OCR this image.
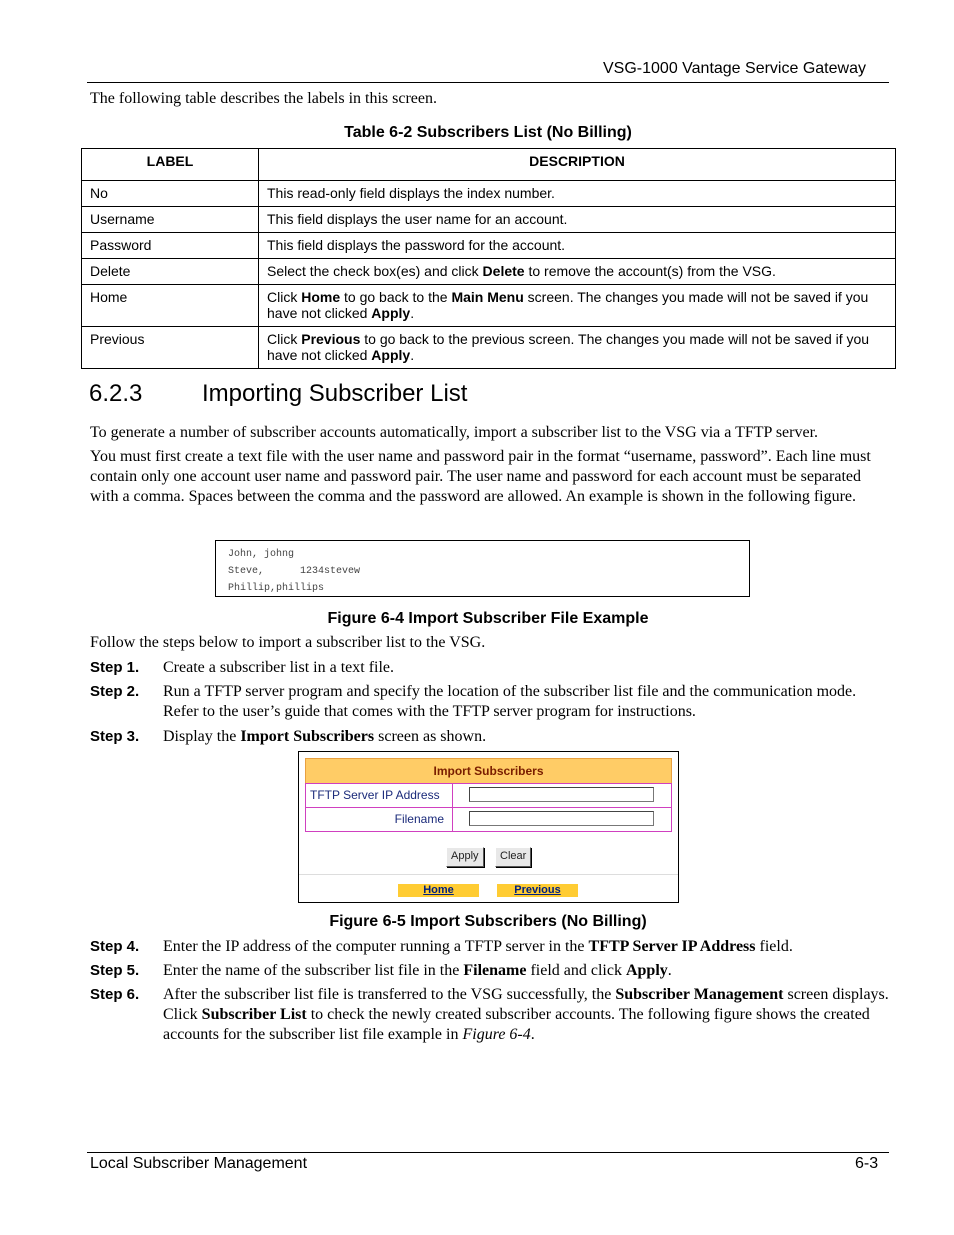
VSG-1000 Vantage Service Gateway
The following table describes the labels in this screen.
Table 6-2 Subscribers List (No Billing)
LABEL	DESCRIPTION
No	This read-only field displays the index number.
Username	This field displays the user name for an account.
Password	This field displays the password for the account.
Delete	Select the check box(es) and click Delete to remove the account(s) from the VSG.
Home	Click Home to go back to the Main Menu screen. The changes you made will not be saved if you have not clicked Apply.
Previous	Click Previous to go back to the previous screen. The changes you made will not be saved if you have not clicked Apply.
6.2.3 Importing Subscriber List

To generate a number of subscriber accounts automatically, import a subscriber list to the VSG via a TFTP server.

You must first create a text file with the user name and password pair in the format “username, password”. Each line must contain only one account user name and password pair. The user name and password for each account must be separated with a comma. Spaces between the comma and the password are allowed. An example is shown in the following figure.

John, johng
Steve,      1234stevew
Phillip,phillips
Figure 6-4 Import Subscriber File Example
Follow the steps below to import a subscriber list to the VSG.
Step 1. Create a subscriber list in a text file.
Step 2. Run a TFTP server program and specify the location of the subscriber list file and the communication mode. Refer to the user’s guide that comes with the TFTP server program for instructions.
Step 3. Display the Import Subscribers screen as shown.
Import Subscribers
TFTP Server IP Address
Filename
Apply	Clear
Home	Previous
Figure 6-5 Import Subscribers (No Billing)
Step 4. Enter the IP address of the computer running a TFTP server in the TFTP Server IP Address field.
Step 5. Enter the name of the subscriber list file in the Filename field and click Apply.
Step 6. After the subscriber list file is transferred to the VSG successfully, the Subscriber Management screen displays. Click Subscriber List to check the newly created subscriber accounts. The following figure shows the created accounts for the subscriber list file example in Figure 6-4.
Local Subscriber Management	6-3
